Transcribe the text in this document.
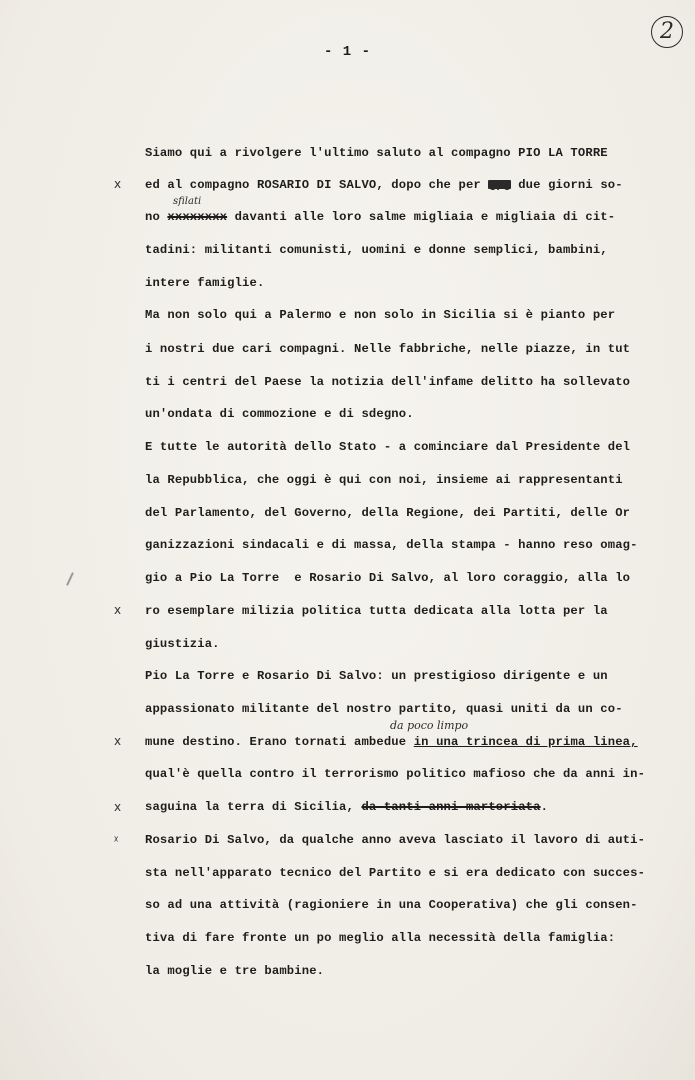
2
- 1 -
Siamo qui a rivolgere l'ultimo saluto al compagno PIO LA TORRE
x ed al compagno ROSARIO DI SALVO, dopo che per tre due giorni so-
sfilati
no xxxxxxxx davanti alle loro salme migliaia e migliaia di cit-
tadini: militanti comunisti, uomini e donne semplici, bambini,
intere famiglie.
Ma non solo qui a Palermo e non solo in Sicilia si è pianto per
i nostri due cari compagni. Nelle fabbriche, nelle piazze, in tut
ti i centri del Paese la notizia dell'infame delitto ha sollevato
un'ondata di commozione e di sdegno.
E tutte le autorità dello Stato - a cominciare dal Presidente del
la Repubblica, che oggi è qui con noi, insieme ai rappresentanti
del Parlamento, del Governo, della Regione, dei Partiti, delle Or
ganizzazioni sindacali e di massa, della stampa - hanno reso omag-
gio a Pio La Torre  e Rosario Di Salvo, al loro coraggio, alla lo
x ro esemplare milizia politica tutta dedicata alla lotta per la
giustizia.
Pio La Torre e Rosario Di Salvo: un prestigioso dirigente e un
appassionato militante del nostro partito, quasi uniti da un co-
da poco limpo
x mune destino. Erano tornati ambedue in una trincea di prima linea,
qual'è quella contro il terrorismo politico mafioso che da anni in-
x saguina la terra di Sicilia, da tanti anni martoriata.
ᵡ Rosario Di Salvo, da qualche anno aveva lasciato il lavoro di auti-
sta nell'apparato tecnico del Partito e si era dedicato con succes-
so ad una attività (ragioniere in una Cooperativa) che gli consen-
tiva di fare fronte un po meglio alla necessità della famiglia:
la moglie e tre bambine.
